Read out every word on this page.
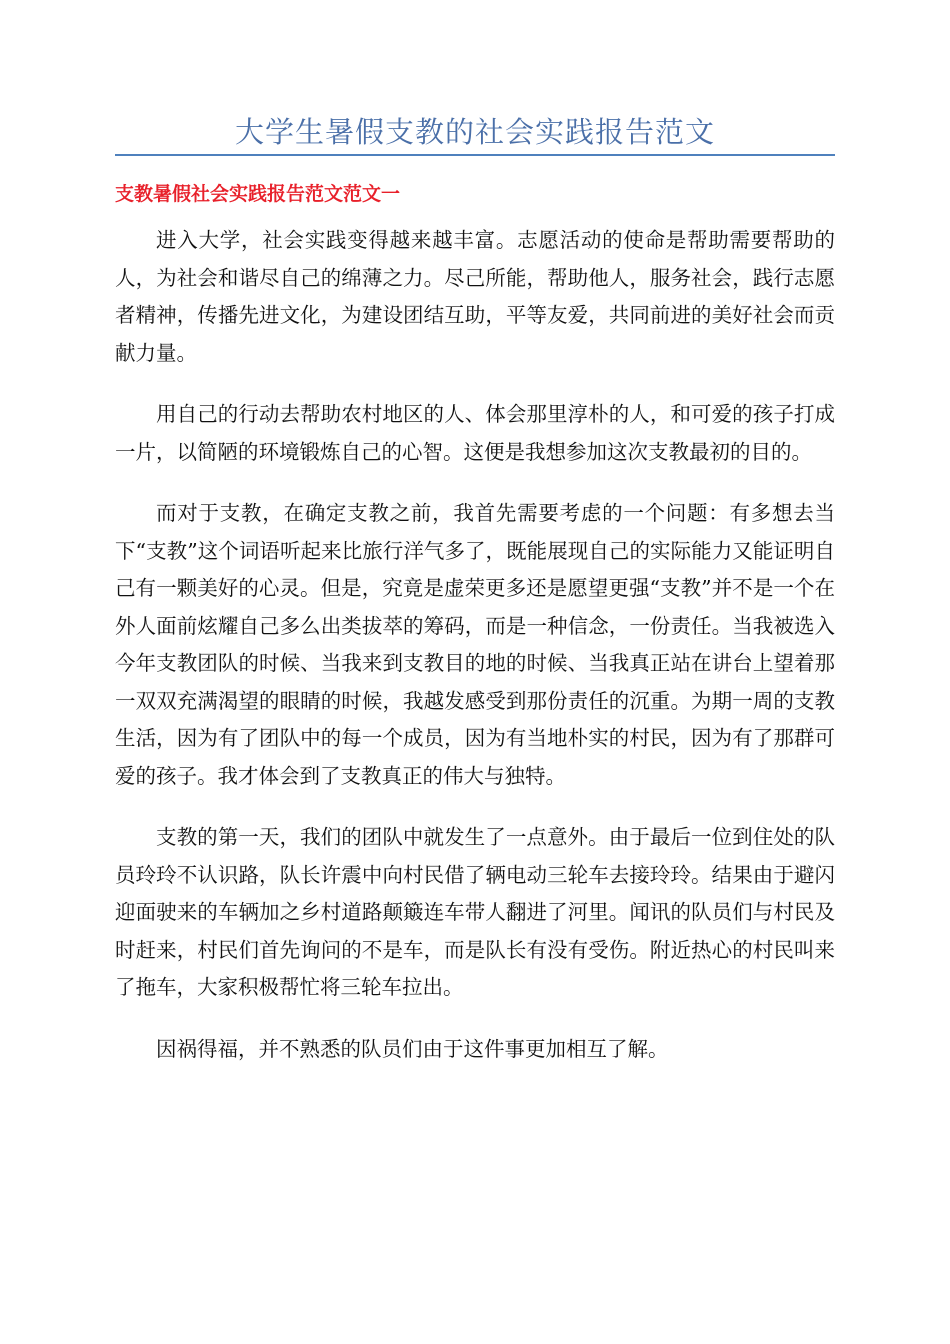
大学生暑假支教的社会实践报告范文
支教暑假社会实践报告范文范文一

进入大学，社会实践变得越来越丰富。志愿活动的使命是帮助需要帮助的人，为社会和谐尽自己的绵薄之力。尽己所能，帮助他人，服务社会，践行志愿者精神，传播先进文化，为建设团结互助，平等友爱，共同前进的美好社会而贡献力量。

用自己的行动去帮助农村地区的人、体会那里淳朴的人，和可爱的孩子打成一片，以简陋的环境锻炼自己的心智。这便是我想参加这次支教最初的目的。

而对于支教，在确定支教之前，我首先需要考虑的一个问题：有多想去当下“支教”这个词语听起来比旅行洋气多了，既能展现自己的实际能力又能证明自己有一颗美好的心灵。但是，究竟是虚荣更多还是愿望更强“支教”并不是一个在外人面前炫耀自己多么出类拔萃的筹码，而是一种信念，一份责任。当我被选入今年支教团队的时候、当我来到支教目的地的时候、当我真正站在讲台上望着那一双双充满渴望的眼睛的时候，我越发感受到那份责任的沉重。为期一周的支教生活，因为有了团队中的每一个成员，因为有当地朴实的村民，因为有了那群可爱的孩子。我才体会到了支教真正的伟大与独特。

支教的第一天，我们的团队中就发生了一点意外。由于最后一位到住处的队员玲玲不认识路，队长许震中向村民借了辆电动三轮车去接玲玲。结果由于避闪迎面驶来的车辆加之乡村道路颠簸连车带人翻进了河里。闻讯的队员们与村民及时赶来，村民们首先询问的不是车，而是队长有没有受伤。附近热心的村民叫来了拖车，大家积极帮忙将三轮车拉出。

因祸得福，并不熟悉的队员们由于这件事更加相互了解。
